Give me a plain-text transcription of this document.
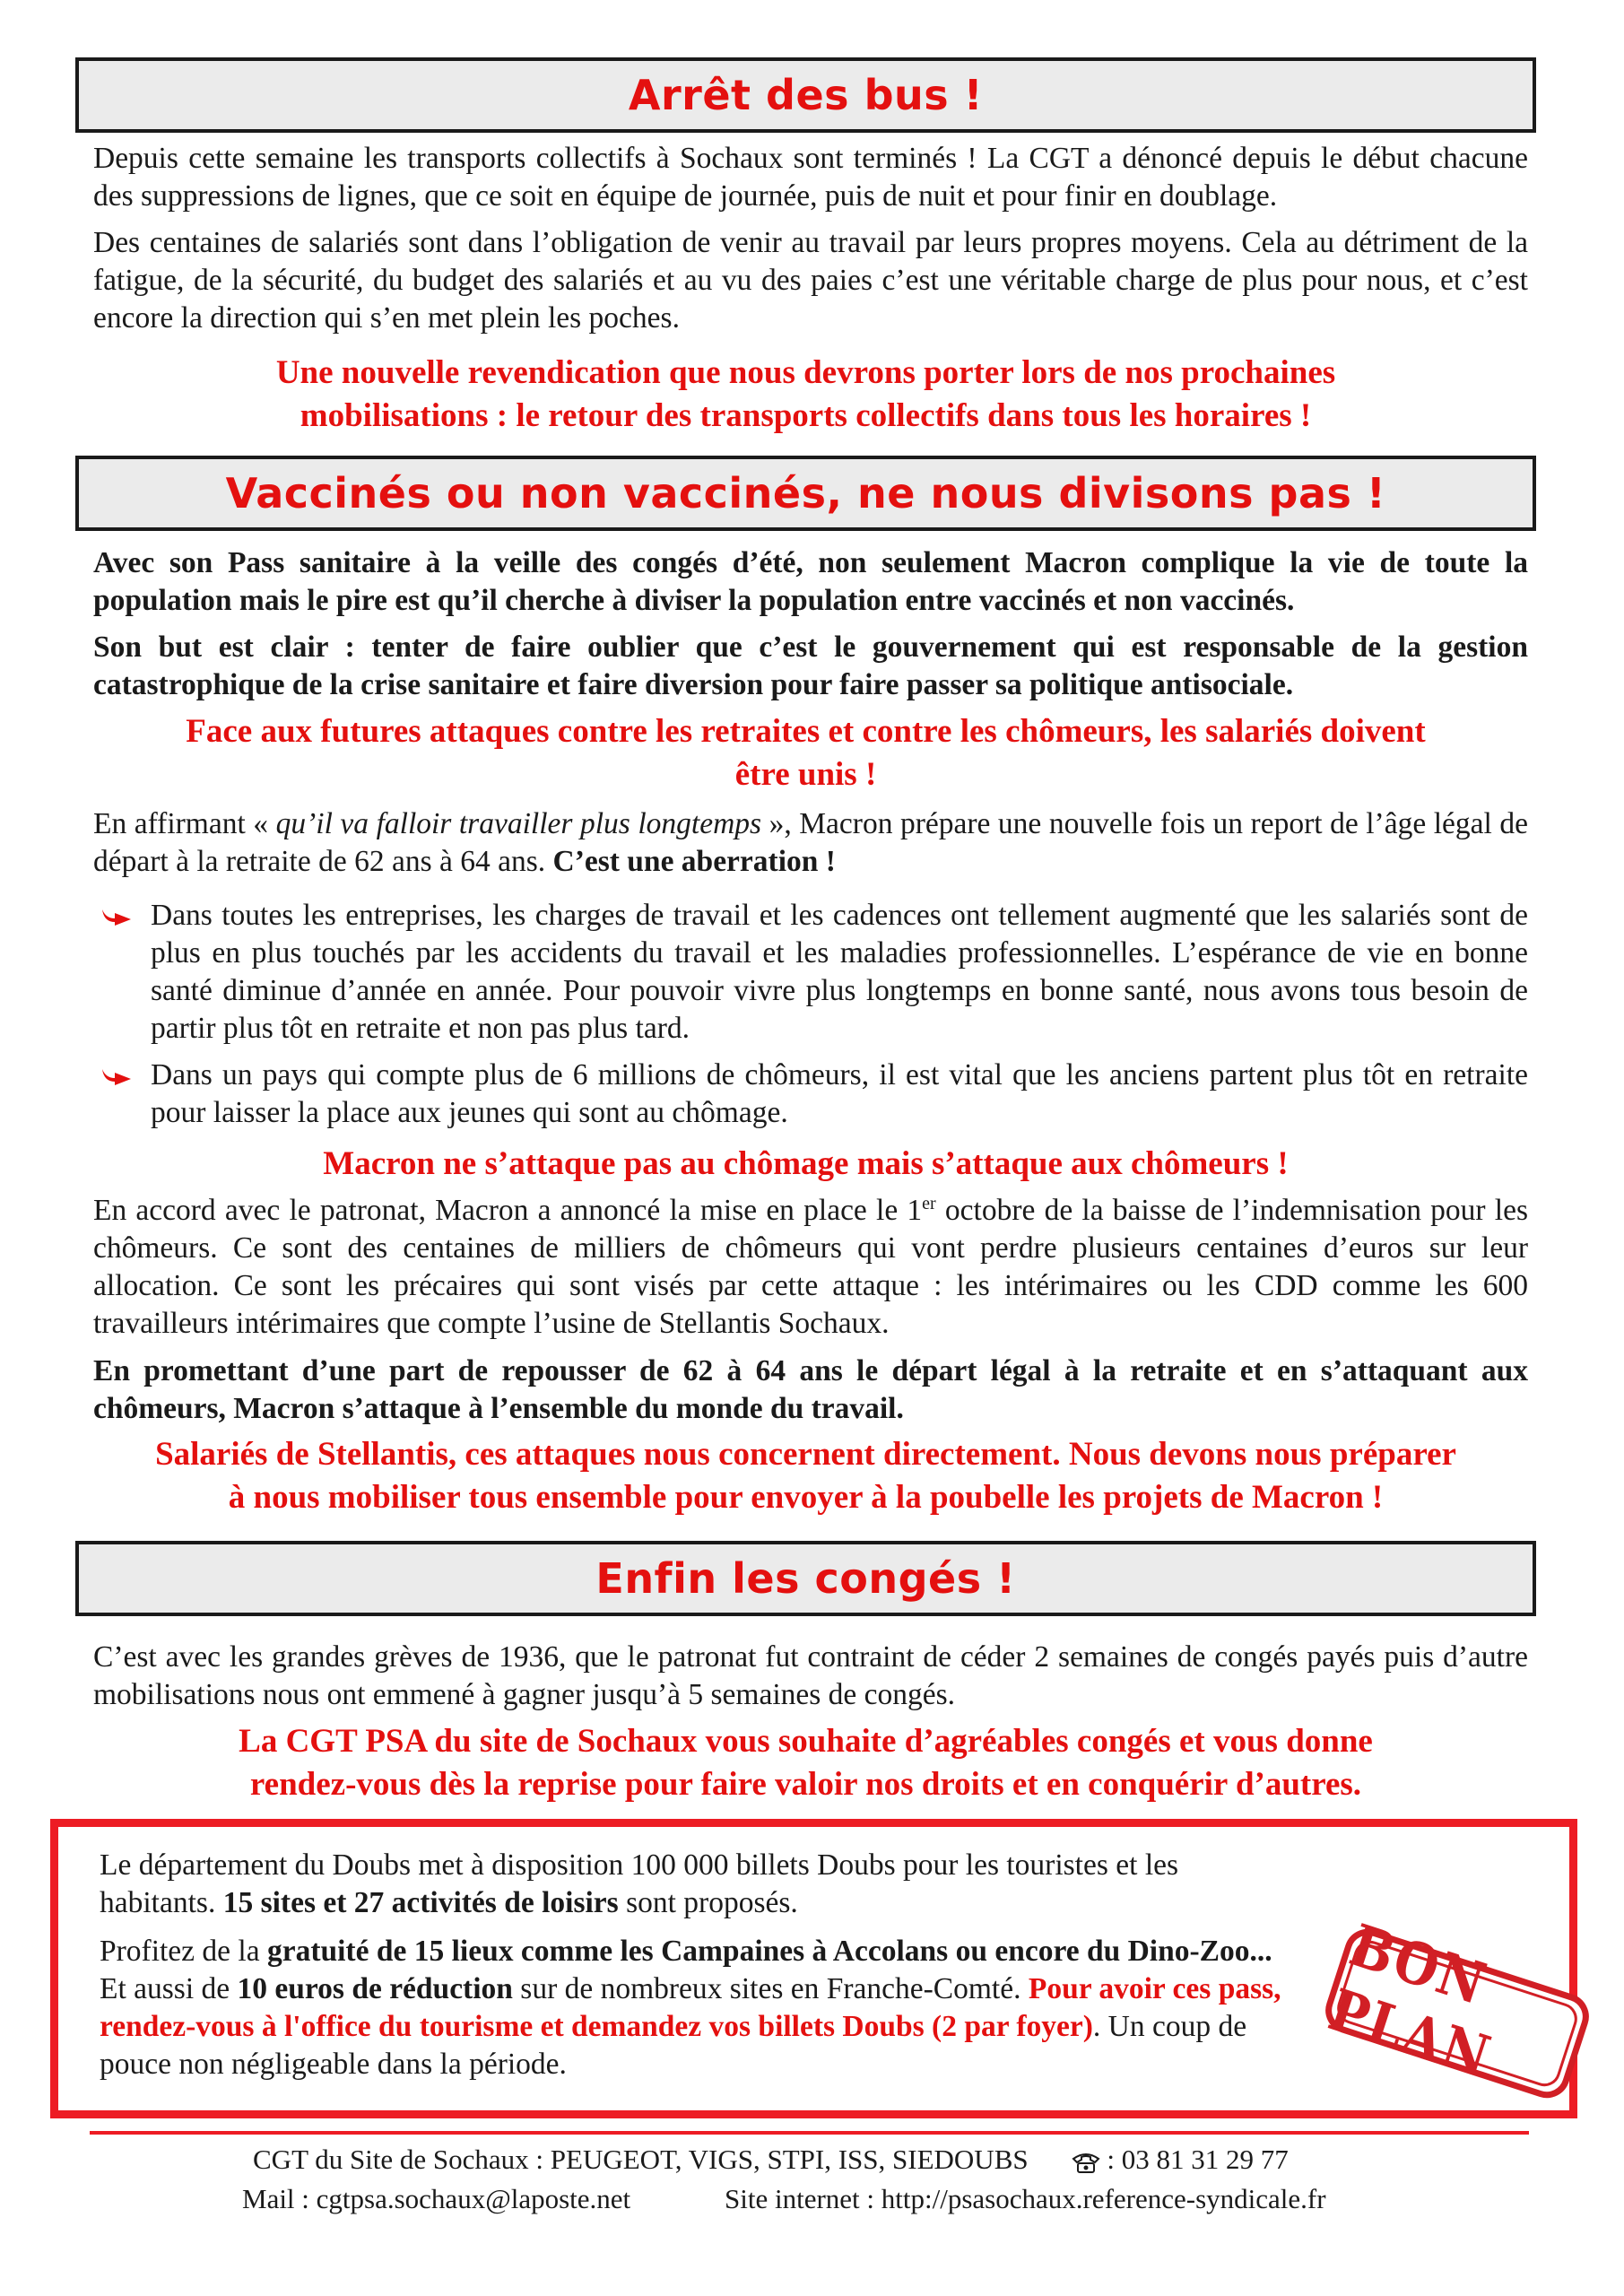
Arrêt des bus !

Depuis cette semaine les transports collectifs à Sochaux sont terminés ! La CGT a dénoncé depuis le début chacune des suppressions de lignes, que ce soit en équipe de journée, puis de nuit et pour finir en doublage.

Des centaines de salariés sont dans l’obligation de venir au travail par leurs propres moyens. Cela au détriment de la fatigue, de la sécurité, du budget des salariés et au vu des paies c’est une véritable charge de plus pour nous, et c’est encore la direction qui s’en met plein les poches.

Une nouvelle revendication que nous devrons porter lors de nos prochaines
mobilisations : le retour des transports collectifs dans tous les horaires !

Vaccinés ou non vaccinés, ne nous divisons pas !

Avec son Pass sanitaire à la veille des congés d’été, non seulement Macron complique la vie de toute la population mais le pire est qu’il cherche à diviser la population entre vaccinés et non vaccinés.

Son but est clair : tenter de faire oublier que c’est le gouvernement qui est responsable de la gestion catastrophique de la crise sanitaire et faire diversion pour faire passer sa politique antisociale.

Face aux futures attaques contre les retraites et contre les chômeurs, les salariés doivent
être unis !

En affirmant « qu’il va falloir travailler plus longtemps », Macron prépare une nouvelle fois un report de l’âge légal de départ à la retraite de 62 ans à 64 ans. C’est une aberration !

Dans toutes les entreprises, les charges de travail et les cadences ont tellement augmenté que les salariés sont de plus en plus touchés par les accidents du travail et les maladies professionnelles. L’espérance de vie en bonne santé diminue d’année en année. Pour pouvoir vivre plus longtemps en bonne santé, nous avons tous besoin de partir plus tôt en retraite et non pas plus tard.

Dans un pays qui compte plus de 6 millions de chômeurs, il est vital que les anciens partent plus tôt en retraite pour laisser la place aux jeunes qui sont au chômage.

Macron ne s’attaque pas au chômage mais s’attaque aux chômeurs !

En accord avec le patronat, Macron a annoncé la mise en place le 1er octobre de la baisse de l’indemnisation pour les chômeurs. Ce sont des centaines de milliers de chômeurs qui vont perdre plusieurs centaines d’euros sur leur allocation. Ce sont les précaires qui sont visés par cette attaque : les intérimaires ou les CDD comme les 600 travailleurs intérimaires que compte l’usine de Stellantis Sochaux.

En promettant d’une part de repousser de 62 à 64 ans le départ légal à la retraite et en s’attaquant aux chômeurs, Macron s’attaque à l’ensemble du monde du travail.

Salariés de Stellantis, ces attaques nous concernent directement. Nous devons nous préparer
à nous mobiliser tous ensemble pour envoyer à la poubelle les projets de Macron !

Enfin les congés !

C’est avec les grandes grèves de 1936, que le patronat fut contraint de céder 2 semaines de congés payés puis d’autre mobilisations nous ont emmené à gagner jusqu’à 5 semaines de congés.

La CGT PSA du site de Sochaux vous souhaite d’agréables congés et vous donne
rendez-vous dès la reprise pour faire valoir nos droits et en conquérir d’autres.

Le département du Doubs met à disposition 100 000 billets Doubs pour les touristes et les habitants. 15 sites et 27 activités de loisirs sont proposés.

Profitez de la gratuité de 15 lieux comme les Campaines à Accolans ou encore du Dino-Zoo... Et aussi de 10 euros de réduction sur de nombreux sites en Franche-Comté. Pour avoir ces pass, rendez-vous à l'office du tourisme et demandez vos billets Doubs (2 par foyer). Un coup de pouce non négligeable dans la période.

BON PLAN

CGT du Site de Sochaux : PEUGEOT, VIGS, STPI, ISS, SIEDOUBS	: 03 81 31 29 77

Mail : cgtpsa.sochaux@laposte.net	Site internet : http://psasochaux.reference-syndicale.fr
